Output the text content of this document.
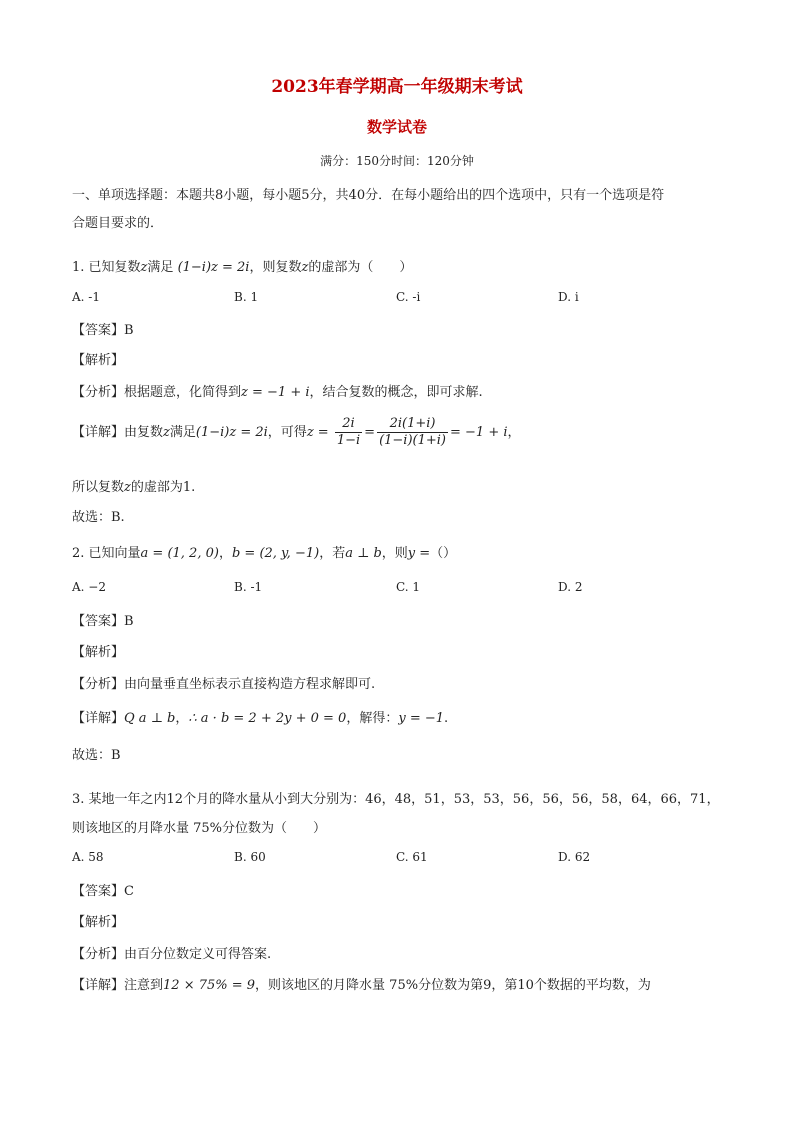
2023年春学期高一年级期末考试
数学试卷
满分：150分时间：120分钟
一、单项选择题：本题共8小题，每小题5分，共40分．在每小题给出的四个选项中，只有一个选项是符
合题目要求的．
1. 已知复数z满足 (1−i)z = 2i，则复数z的虚部为（　　）
A. -1	B. 1	C. -i	D. i
【答案】B
【解析】
【分析】根据题意，化简得到z = −1 + i，结合复数的概念，即可求解.
【详解】由复数z满足(1−i)z = 2i，可得$z = \frac{2i}{1-i} = \frac{2i(1+i)}{(1-i)(1+i)} = -1 + i$，
所以复数z的虚部为1.
故选：B.
2. 已知向量a = (1, 2, 0)，b = (2, y, −1)，若a ⊥ b，则y =（）
A. −2	B. -1	C. 1	D. 2
【答案】B
【解析】
【分析】由向量垂直坐标表示直接构造方程求解即可.
【详解】Q a ⊥ b，∴ a · b = 2 + 2y + 0 = 0，解得：y = −1.
故选：B
3. 某地一年之内12个月的降水量从小到大分别为：46，48，51，53，53，56，56，56，58，64，66，71，
则该地区的月降水量 75%分位数为（　　）
A. 58	B. 60	C. 61	D. 62
【答案】C
【解析】
【分析】由百分位数定义可得答案.
【详解】注意到12 × 75% = 9，则该地区的月降水量 75%分位数为第9，第10个数据的平均数，为
